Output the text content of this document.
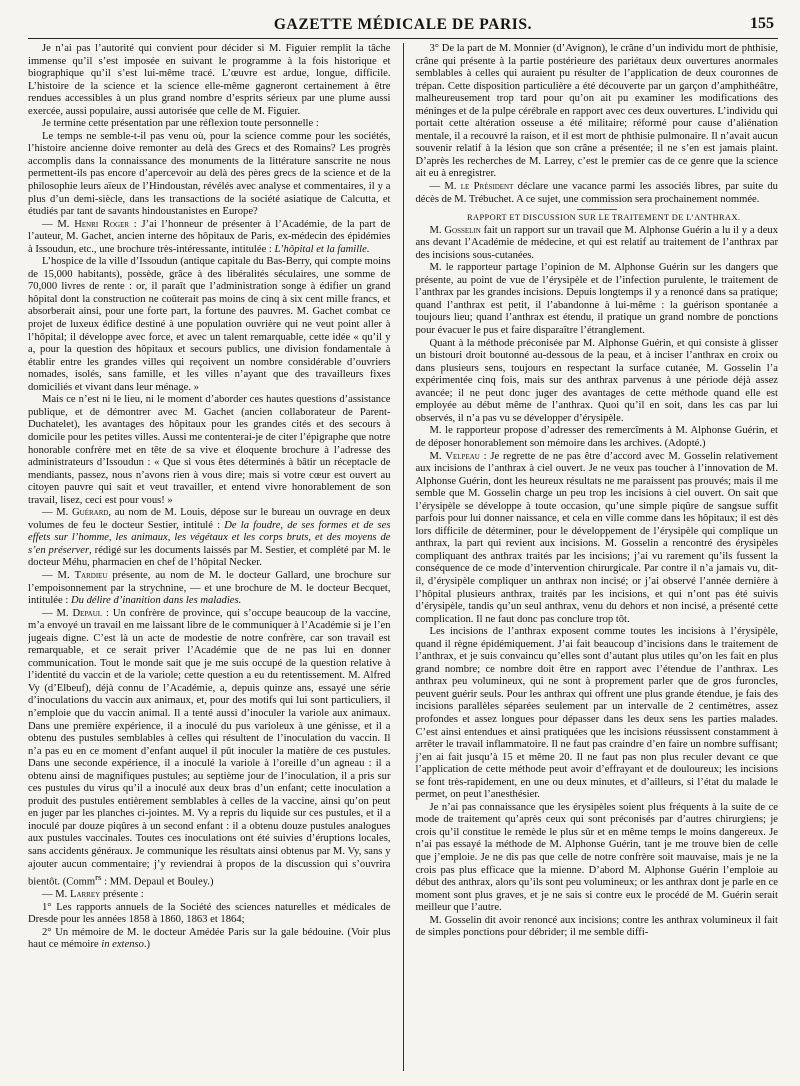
GAZETTE MÉDICALE DE PARIS.	155

Je n’ai pas l’autorité qui convient pour décider si M. Figuier remplit la tâche immense qu’il s’est imposée en suivant le programme à la fois historique et biographique qu’il s’est lui-même tracé. L’œuvre est ardue, longue, difficile. L’histoire de la science et la science elle-même gagneront certainement à être rendues accessibles à un plus grand nombre d’esprits sérieux par une plume aussi exercée, aussi populaire, aussi autorisée que celle de M. Figuier.

Je termine cette présentation par une réflexion toute personnelle :

Le temps ne semble-t-il pas venu où, pour la science comme pour les sociétés, l’histoire ancienne doive remonter au delà des Grecs et des Romains? Les progrès accomplis dans la connaissance des monuments de la littérature sanscrite ne nous permettent-ils pas encore d’apercevoir au delà des pères grecs de la science et de la philosophie leurs aïeux de l’Hindoustan, révélés avec analyse et commentaires, il y a plus d’un demi-siècle, dans les transactions de la société asiatique de Calcutta, et étudiés par tant de savants hindoustanistes en Europe?

— M. Henri Roger : J’ai l’honneur de présenter à l’Académie, de la part de l’auteur, M. Gachet, ancien interne des hôpitaux de Paris, ex-médecin des épidémies à Issoudun, etc., une brochure très-intéressante, intitulée : L’hôpital et la famille.

L’hospice de la ville d’Issoudun (antique capitale du Bas-Berry, qui compte moins de 15,000 habitants), possède, grâce à des libéralités séculaires, une somme de 70,000 livres de rente : or, il paraît que l’administration songe à édifier un grand hôpital dont la construction ne coûterait pas moins de cinq à six cent mille francs, et absorberait ainsi, pour une forte part, la fortune des pauvres. M. Gachet combat ce projet de luxeux édifice destiné à une population ouvrière qui ne veut point aller à l’hôpital; il développe avec force, et avec un talent remarquable, cette idée « qu’il y a, pour la question des hôpitaux et secours publics, une division fondamentale à établir entre les grandes villes qui reçoivent un nombre considérable d’ouvriers nomades, isolés, sans famille, et les villes n’ayant que des travailleurs fixes domiciliés et vivant dans leur ménage. »

Mais ce n’est ni le lieu, ni le moment d’aborder ces hautes questions d’assistance publique, et de démontrer avec M. Gachet (ancien collaborateur de Parent-Duchatelet), les avantages des hôpitaux pour les grandes cités et des secours à domicile pour les petites villes. Aussi me contenterai-je de citer l’épigraphe que notre honorable confrère met en tête de sa vive et éloquente brochure à l’adresse des administrateurs d’Issoudun : « Que si vous êtes déterminés à bâtir un réceptacle de mendiants, passez, nous n’avons rien à vous dire; mais si votre cœur est ouvert au citoyen pauvre qui sait et veut travailler, et entend vivre honorablement de son travail, lisez, ceci est pour vous! »

— M. Guérard, au nom de M. Louis, dépose sur le bureau un ouvrage en deux volumes de feu le docteur Sestier, intitulé : De la foudre, de ses formes et de ses effets sur l’homme, les animaux, les végétaux et les corps bruts, et des moyens de s’en préserver, rédigé sur les documents laissés par M. Sestier, et complété par M. le docteur Méhu, pharmacien en chef de l’hôpital Necker.

— M. Tardieu présente, au nom de M. le docteur Gallard, une brochure sur l’empoisonnement par la strychnine, — et une brochure de M. le docteur Becquet, intitulée : Du délire d’inanition dans les maladies.

— M. Depaul : Un confrère de province, qui s’occupe beaucoup de la vaccine, m’a envoyé un travail en me laissant libre de le communiquer à l’Académie si je l’en jugeais digne. C’est là un acte de modestie de notre confrère, car son travail est remarquable, et ce serait priver l’Académie que de ne pas lui en donner communication. Tout le monde sait que je me suis occupé de la question relative à l’identité du vaccin et de la variole; cette question a eu du retentissement. M. Alfred Vy (d’Elbeuf), déjà connu de l’Académie, a, depuis quinze ans, essayé une série d’inoculations du vaccin aux animaux, et, pour des motifs qui lui sont particuliers, il n’emploie que du vaccin animal. Il a tenté aussi d’inoculer la variole aux animaux. Dans une première expérience, il a inoculé du pus varioleux à une génisse, et il a obtenu des pustules semblables à celles qui résultent de l’inoculation du vaccin. Il n’a pas eu en ce moment d’enfant auquel il pût inoculer la matière de ces pustules. Dans une seconde expérience, il a inoculé la variole à l’oreille d’un agneau : il a obtenu ainsi de magnifiques pustules; au septième jour de l’inoculation, il a pris sur ces pustules du virus qu’il a inoculé aux deux bras d’un enfant; cette inoculation a produit des pustules entièrement semblables à celles de la vaccine, ainsi qu’on peut en juger par les planches ci-jointes. M. Vy a repris du liquide sur ces pustules, et il a inoculé par douze piqûres à un second enfant : il a obtenu douze pustules analogues aux pustules vaccinales. Toutes ces inoculations ont été suivies d’éruptions locales, sans accidents généraux. Je communique les résultats ainsi obtenus par M. Vy, sans y ajouter aucun commentaire; j’y reviendrai à propos de la discussion qui s’ouvrira bientôt. (Comm$^{rs}$ : MM. Depaul et Bouley.)

— M. Larrey présente :

1° Les rapports annuels de la Société des sciences naturelles et médicales de Dresde pour les années 1858 à 1860, 1863 et 1864;

2° Un mémoire de M. le docteur Amédée Paris sur la gale bédouine. (Voir plus haut ce mémoire in extenso.)

3° De la part de M. Monnier (d’Avignon), le crâne d’un individu mort de phthisie, crâne qui présente à la partie postérieure des pariétaux deux ouvertures anormales semblables à celles qui auraient pu résulter de l’application de deux couronnes de trépan. Cette disposition particulière a été découverte par un garçon d’amphithéâtre, malheureusement trop tard pour qu’on ait pu examiner les modifications des méninges et de la pulpe cérébrale en rapport avec ces deux ouvertures. L’individu qui portait cette altération osseuse a été militaire; réformé pour cause d’aliénation mentale, il a recouvré la raison, et il est mort de phthisie pulmonaire. Il n’avait aucun souvenir relatif à la lésion que son crâne a présentée; il ne s’en est jamais plaint. D’après les recherches de M. Larrey, c’est le premier cas de ce genre que la science ait eu à enregistrer.

— M. le Président déclare une vacance parmi les associés libres, par suite du décès de M. Trébuchet. A ce sujet, une commission sera prochainement nommée.

RAPPORT ET DISCUSSION SUR LE TRAITEMENT DE L’ANTHRAX.

M. Gosselin fait un rapport sur un travail que M. Alphonse Guérin a lu il y a deux ans devant l’Académie de médecine, et qui est relatif au traitement de l’anthrax par des incisions sous-cutanées.

M. le rapporteur partage l’opinion de M. Alphonse Guérin sur les dangers que présente, au point de vue de l’érysipèle et de l’infection purulente, le traitement de l’anthrax par les grandes incisions. Depuis longtemps il y a renoncé dans sa pratique; quand l’anthrax est petit, il l’abandonne à lui-même : la guérison spontanée a toujours lieu; quand l’anthrax est étendu, il pratique un grand nombre de ponctions pour évacuer le pus et faire disparaître l’étranglement.

Quant à la méthode préconisée par M. Alphonse Guérin, et qui consiste à glisser un bistouri droit boutonné au-dessous de la peau, et à inciser l’anthrax en croix ou dans plusieurs sens, toujours en respectant la surface cutanée, M. Gosselin l’a expérimentée cinq fois, mais sur des anthrax parvenus à une période déjà assez avancée; il ne peut donc juger des avantages de cette méthode quand elle est employée au début même de l’anthrax. Quoi qu’il en soit, dans les cas par lui observés, il n’a pas vu se développer d’érysipèle.

M. le rapporteur propose d’adresser des remercîments à M. Alphonse Guérin, et de déposer honorablement son mémoire dans les archives. (Adopté.)

M. Velpeau : Je regrette de ne pas être d’accord avec M. Gosselin relativement aux incisions de l’anthrax à ciel ouvert. Je ne veux pas toucher à l’innovation de M. Alphonse Guérin, dont les heureux résultats ne me paraissent pas prouvés; mais il me semble que M. Gosselin charge un peu trop les incisions à ciel ouvert. On sait que l’érysipèle se développe à toute occasion, qu’une simple piqûre de sangsue suffit parfois pour lui donner naissance, et cela en ville comme dans les hôpitaux; il est dès lors difficile de déterminer, pour le développement de l’érysipèle qui complique un anthrax, la part qui revient aux incisions. M. Gosselin a rencontré des érysipèles compliquant des anthrax traités par les incisions; j’ai vu rarement qu’ils fussent la conséquence de ce mode d’intervention chirurgicale. Par contre il n’a jamais vu, dit-il, d’érysipèle compliquer un anthrax non incisé; or j’ai observé l’année dernière à l’hôpital plusieurs anthrax, traités par les incisions, et qui n’ont pas été suivis d’érysipèle, tandis qu’un seul anthrax, venu du dehors et non incisé, a présenté cette complication. Il ne faut donc pas conclure trop tôt.

Les incisions de l’anthrax exposent comme toutes les incisions à l’érysipèle, quand il règne épidémiquement. J’ai fait beaucoup d’incisions dans le traitement de l’anthrax, et je suis convaincu qu’elles sont d’autant plus utiles qu’on les fait en plus grand nombre; ce nombre doit être en rapport avec l’étendue de l’anthrax. Les anthrax peu volumineux, qui ne sont à proprement parler que de gros furoncles, peuvent guérir seuls. Pour les anthrax qui offrent une plus grande étendue, je fais des incisions parallèles séparées seulement par un intervalle de 2 centimètres, assez profondes et assez longues pour dépasser dans les deux sens les parties malades. C’est ainsi entendues et ainsi pratiquées que les incisions réussissent constamment à arrêter le travail inflammatoire. Il ne faut pas craindre d’en faire un nombre suffisant; j’en ai fait jusqu’à 15 et même 20. Il ne faut pas non plus reculer devant ce que l’application de cette méthode peut avoir d’effrayant et de douloureux; les incisions se font très-rapidement, en une ou deux minutes, et d’ailleurs, si l’état du malade le permet, on peut l’anesthésier.

Je n’ai pas connaissance que les érysipèles soient plus fréquents à la suite de ce mode de traitement qu’après ceux qui sont préconisés par d’autres chirurgiens; je crois qu’il constitue le remède le plus sûr et en même temps le moins dangereux. Je n’ai pas essayé la méthode de M. Alphonse Guérin, tant je me trouve bien de celle que j’emploie. Je ne dis pas que celle de notre confrère soit mauvaise, mais je ne la crois pas plus efficace que la mienne. D’abord M. Alphonse Guérin l’emploie au début des anthrax, alors qu’ils sont peu volumineux; or les anthrax dont je parle en ce moment sont plus graves, et je ne sais si contre eux le procédé de M. Guérin serait meilleur que l’autre.

M. Gosselin dit avoir renoncé aux incisions; contre les anthrax volumineux il fait de simples ponctions pour débrider; il me semble diffi-
